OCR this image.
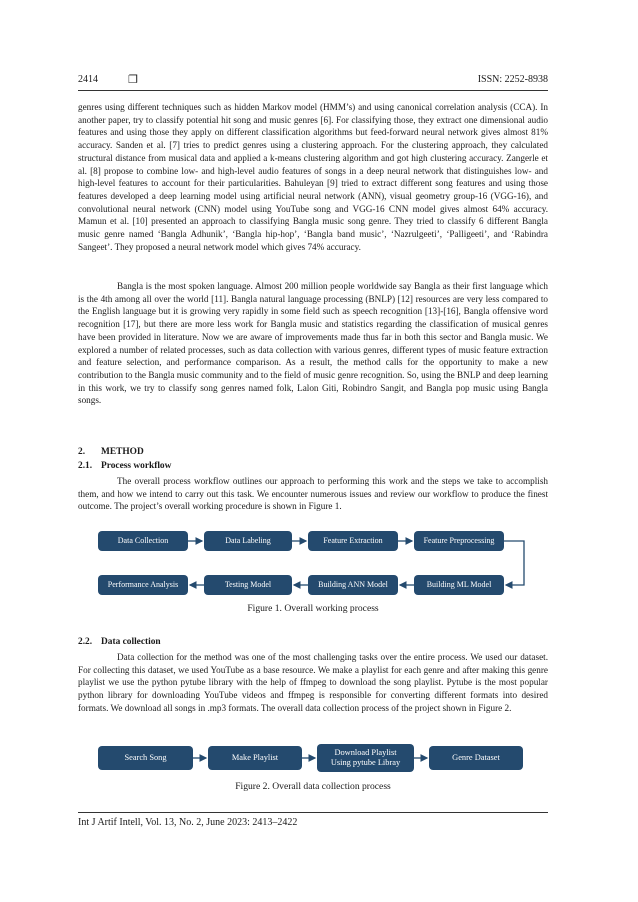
2414	❐	ISSN: 2252-8938

genres using different techniques such as hidden Markov model (HMM’s) and using canonical correlation analysis (CCA). In another paper, try to classify potential hit song and music genres [6]. For classifying those, they extract one dimensional audio features and using those they apply on different classification algorithms but feed-forward neural network gives almost 81% accuracy. Sanden et al. [7] tries to predict genres using a clustering approach. For the clustering approach, they calculated structural distance from musical data and applied a k-means clustering algorithm and got high clustering accuracy. Zangerle et al. [8] propose to combine low- and high-level audio features of songs in a deep neural network that distinguishes low- and high-level features to account for their particularities. Bahuleyan [9] tried to extract different song features and using those features developed a deep learning model using artificial neural network (ANN), visual geometry group-16 (VGG-16), and convolutional neural network (CNN) model using YouTube song and VGG-16 CNN model gives almost 64% accuracy. Mamun et al. [10] presented an approach to classifying Bangla music song genre. They tried to classify 6 different Bangla music genre named ‘Bangla Adhunik’, ‘Bangla hip-hop’, ‘Bangla band music’, ‘Nazrulgeeti’, ‘Palligeeti’, and ‘Rabindra Sangeet’. They proposed a neural network model which gives 74% accuracy.

Bangla is the most spoken language. Almost 200 million people worldwide say Bangla as their first language which is the 4th among all over the world [11]. Bangla natural language processing (BNLP) [12] resources are very less compared to the English language but it is growing very rapidly in some field such as speech recognition [13]-[16], Bangla offensive word recognition [17], but there are more less work for Bangla music and statistics regarding the classification of musical genres have been provided in literature. Now we are aware of improvements made thus far in both this sector and Bangla music. We explored a number of related processes, such as data collection with various genres, different types of music feature extraction and feature selection, and performance comparison. As a result, the method calls for the opportunity to make a new contribution to the Bangla music community and to the field of music genre recognition. So, using the BNLP and deep learning in this work, we try to classify song genres named folk, Lalon Giti, Robindro Sangit, and Bangla pop music using Bangla songs.

2. METHOD
2.1. Process workflow

The overall process workflow outlines our approach to performing this work and the steps we take to accomplish them, and how we intend to carry out this task. We encounter numerous issues and review our workflow to produce the finest outcome. The project’s overall working procedure is shown in Figure 1.

Data Collection	Data Labeling	Feature Extraction	Feature Preprocessing
Performance Analysis	Testing Model	Building ANN Model	Building ML Model
Figure 1. Overall working process
2.2. Data collection

Data collection for the method was one of the most challenging tasks over the entire process. We used our dataset. For collecting this dataset, we used YouTube as a base resource. We make a playlist for each genre and after making this genre playlist we use the python pytube library with the help of ffmpeg to download the song playlist. Pytube is the most popular python library for downloading YouTube videos and ffmpeg is responsible for converting different formats into desired formats. We download all songs in .mp3 formats. The overall data collection process of the project shown in Figure 2.

Search Song	Make Playlist
Download Playlist
Using pytube Libray
Genre Dataset
Figure 2. Overall data collection process
Int J Artif Intell, Vol. 13, No. 2, June 2023: 2413–2422
